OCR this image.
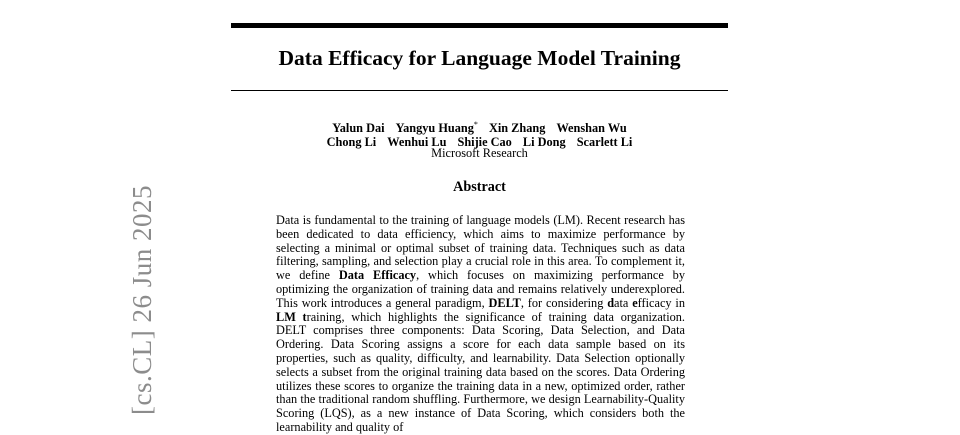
[cs.CL] 26 Jun 2025
Data Efficacy for Language Model Training
Yalun Dai Yangyu Huang* Xin Zhang Wenshan Wu
Chong Li Wenhui Lu Shijie Cao Li Dong Scarlett Li
Microsoft Research
Abstract

Data is fundamental to the training of language models (LM). Recent research has been dedicated to data efficiency, which aims to maximize performance by selecting a minimal or optimal subset of training data. Techniques such as data filtering, sampling, and selection play a crucial role in this area. To complement it, we define Data Efficacy, which focuses on maximizing performance by optimizing the organization of training data and remains relatively underexplored. This work introduces a general paradigm, DELT, for considering data efficacy in LM training, which highlights the significance of training data organization. DELT comprises three components: Data Scoring, Data Selection, and Data Ordering. Data Scoring assigns a score for each data sample based on its properties, such as quality, difficulty, and learnability. Data Selection optionally selects a subset from the original training data based on the scores. Data Ordering utilizes these scores to organize the training data in a new, optimized order, rather than the traditional random shuffling. Furthermore, we design Learnability-Quality Scoring (LQS), as a new instance of Data Scoring, which considers both the learnability and quality of
